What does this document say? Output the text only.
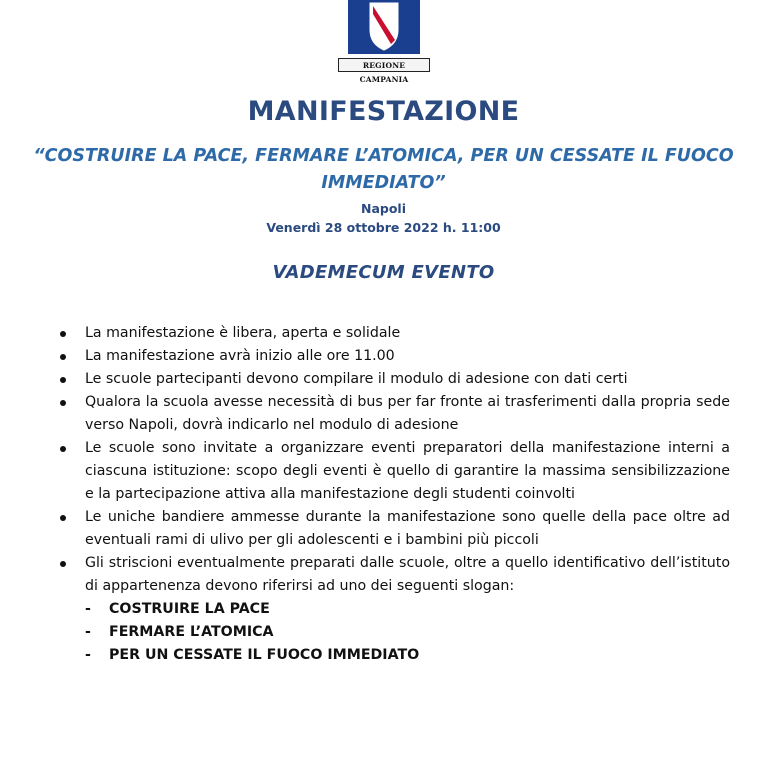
REGIONE CAMPANIA
MANIFESTAZIONE
“COSTRUIRE LA PACE, FERMARE L’ATOMICA, PER UN CESSATE IL FUOCO IMMEDIATO”
Napoli
Venerdì 28 ottobre 2022 h. 11:00
VADEMECUM EVENTO
La manifestazione è libera, aperta e solidale
La manifestazione avrà inizio alle ore 11.00
Le scuole partecipanti devono compilare il modulo di adesione con dati certi
Qualora la scuola avesse necessità di bus per far fronte ai trasferimenti dalla propria sede verso Napoli, dovrà indicarlo nel modulo di adesione
Le scuole sono invitate a organizzare eventi preparatori della manifestazione interni a ciascuna istituzione: scopo degli eventi è quello di garantire la massima sensibilizzazione e la partecipazione attiva alla manifestazione degli studenti coinvolti
Le uniche bandiere ammesse durante la manifestazione sono quelle della pace oltre ad eventuali rami di ulivo per gli adolescenti e i bambini più piccoli
Gli striscioni eventualmente preparati dalle scuole, oltre a quello identificativo dell’istituto di appartenenza devono riferirsi ad uno dei seguenti slogan:
- COSTRUIRE LA PACE
- FERMARE L’ATOMICA
- PER UN CESSATE IL FUOCO IMMEDIATO
